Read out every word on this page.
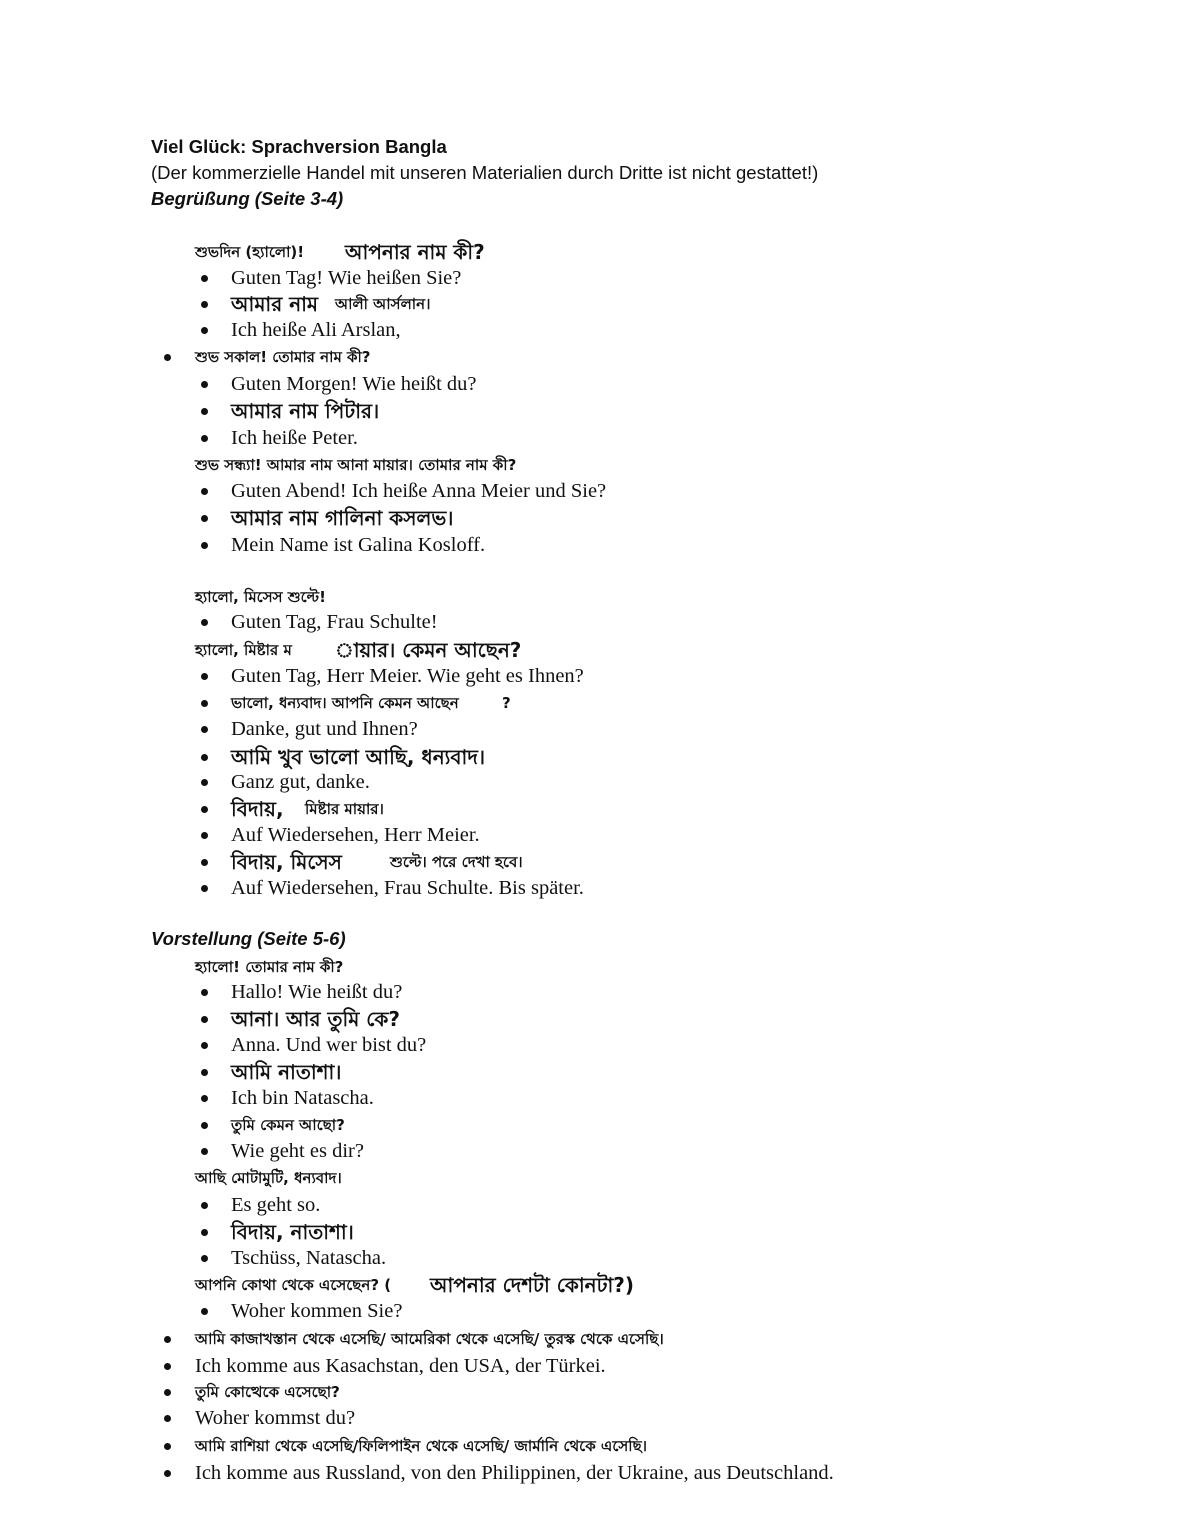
Viel Glück: Sprachversion Bangla
(Der kommerzielle Handel mit unseren Materialien durch Dritte ist nicht gestattet!)
Begrüßung (Seite 3-4)
শুভদিন (হ্যালো)! আপনার নাম কী?
Guten Tag! Wie heißen Sie?
আমার নাম আলী আর্সলান।
Ich heiße Ali Arslan,
শুভ সকাল! তোমার নাম কী?
Guten Morgen! Wie heißt du?
আমার নাম পিটার।
Ich heiße Peter.
শুভ সন্ধ্যা! আমার নাম আনা মায়ার। তোমার নাম কী?
Guten Abend! Ich heiße Anna Meier und Sie?
আমার নাম গালিনা কসলভ।
Mein Name ist Galina Kosloff.
হ্যালো, মিসেস শুল্টে!
Guten Tag, Frau Schulte!
হ্যালো, মিষ্টার ম ায়ার। কেমন আছেন?
Guten Tag, Herr Meier. Wie geht es Ihnen?
ভালো, ধন্যবাদ। আপনি কেমন আছেন	?
Danke, gut und Ihnen?
আমি খুব ভালো আছি, ধন্যবাদ।
Ganz gut, danke.
বিদায়, মিষ্টার মায়ার।
Auf Wiedersehen, Herr Meier.
বিদায়, মিসেস	শুল্টে। পরে দেখা হবে।
Auf Wiedersehen, Frau Schulte. Bis später.
Vorstellung (Seite 5-6)
হ্যালো! তোমার নাম কী?
Hallo! Wie heißt du?
আনা। আর তুমি কে?
Anna. Und wer bist du?
আমি নাতাশা।
Ich bin Natascha.
তুমি কেমন আছো?
Wie geht es dir?
আছি মোটামুটি, ধন্যবাদ।
Es geht so.
বিদায়, নাতাশা।
Tschüss, Natascha.
আপনি কোথা থেকে এসেছেন? ( আপনার দেশটা কোনটা?)
Woher kommen Sie?
আমি কাজাখস্তান থেকে এসেছি/ আমেরিকা থেকে এসেছি/ তুরস্ক থেকে এসেছি।
Ich komme aus Kasachstan, den USA, der Türkei.
তুমি কোত্থেকে এসেছো?
Woher kommst du?
আমি রাশিয়া থেকে এসেছি/ফিলিপাইন থেকে এসেছি/ জার্মানি থেকে এসেছি।
Ich komme aus Russland, von den Philippinen, der Ukraine, aus Deutschland.
